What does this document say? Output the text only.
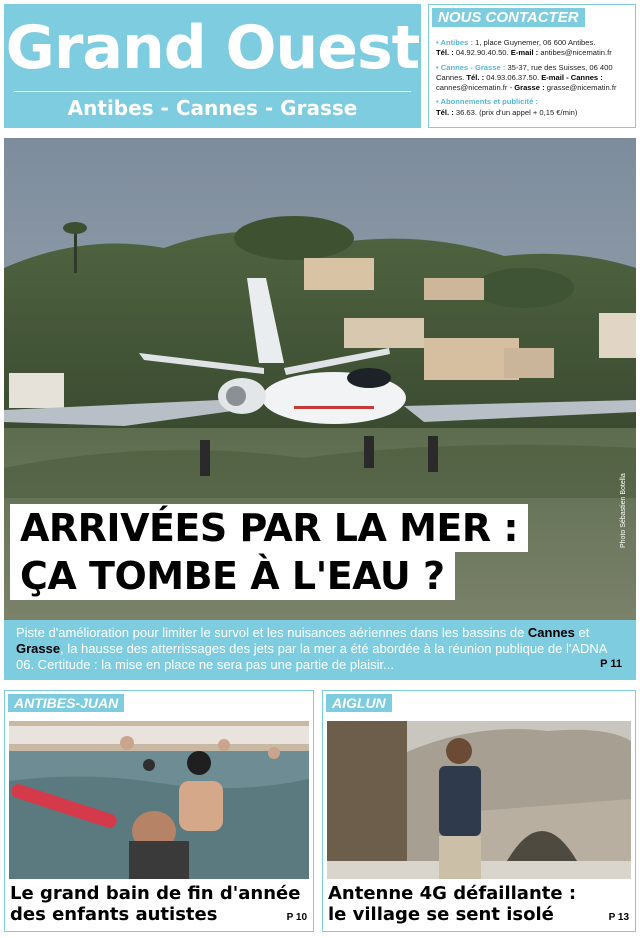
Grand Ouest
Antibes - Cannes - Grasse
NOUS CONTACTER

• Antibes : 1, place Guynemer, 06 600 Antibes.
Tél. : 04.92.90.40.50. E-mail : antibes@nicematin.fr

• Cannes - Grasse : 35-37, rue des Suisses, 06 400 Cannes. Tél. : 04.93.06.37.50. E-mail - Cannes : cannes@nicematin.fr - Grasse : grasse@nicematin.fr

• Abonnements et publicité :
Tél. : 36.63. (prix d'un appel + 0,15 €/min)

ARRIVÉES PAR LA MER :
ÇA TOMBE À L'EAU ?
Photo Sébastien Botella
Piste d'amélioration pour limiter le survol et les nuisances aériennes dans les bassins de Cannes et Grasse, la hausse des atterrissages des jets par la mer a été abordée à la réunion publique de l'ADNA 06. Certitude : la mise en place ne sera pas une partie de plaisir...	P 11
ANTIBES-JUAN
Le grand bain de fin d'année
des enfants autistes	P 10
AIGLUN
Antenne 4G défaillante :
le village se sent isolé	P 13
